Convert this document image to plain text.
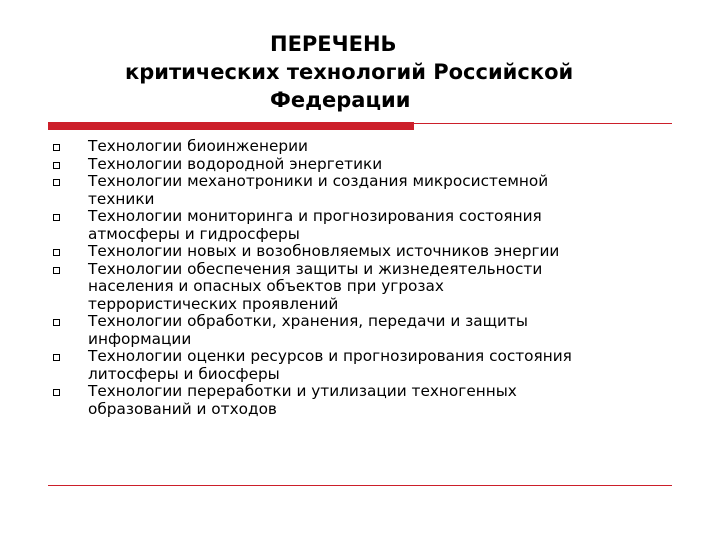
ПЕРЕЧЕНЬ
критических технологий Российской
Федерации
Технологии биоинженерии
Технологии водородной энергетики
Технологии механотроники и создания микросистемной
техники
Технологии мониторинга и прогнозирования состояния
атмосферы и гидросферы
Технологии новых и возобновляемых источников энергии
Технологии обеспечения защиты и жизнедеятельности
населения и опасных объектов при угрозах
террористических проявлений
Технологии обработки, хранения, передачи и защиты
информации
Технологии оценки ресурсов и прогнозирования состояния
литосферы и биосферы
Технологии переработки и утилизации техногенных
образований и отходов
